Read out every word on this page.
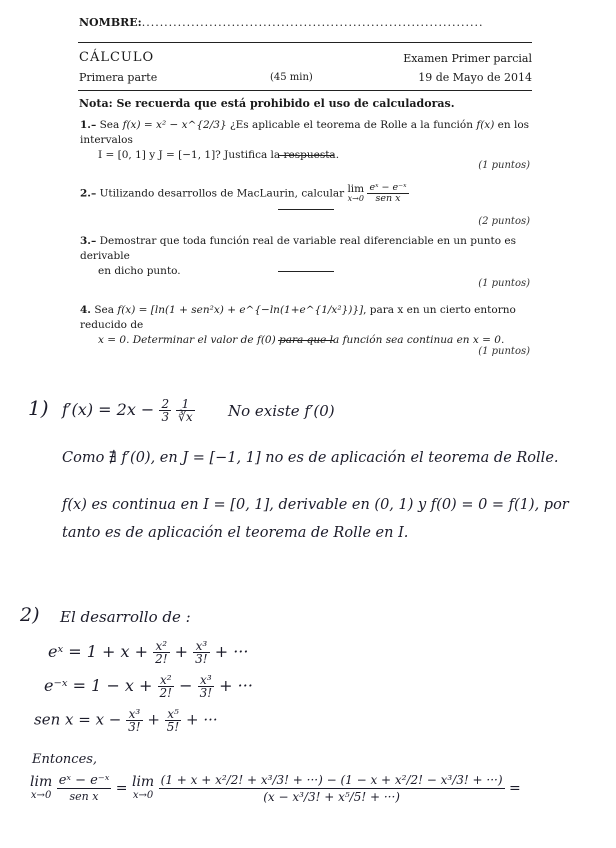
NOMBRE:............................................................................
CÁLCULO	Examen Primer parcial
Primera parte	(45 min)	19 de Mayo de 2014
Nota: Se recuerda que está prohibido el uso de calculadoras.
1.– Sea f(x) = x² − x^{2/3} ¿Es aplicable el teorema de Rolle a la función f(x) en los intervalos
I = [0, 1] y J = [−1, 1]? Justifica la respuesta.
(1 puntos)
2.– Utilizando desarrollos de MacLaurin, calcular lim
x→0
$\frac{\text{eˣ − e⁻ˣ}}{\text{sen x}}$
(2 puntos)
3.– Demostrar que toda función real de variable real diferenciable en un punto es derivable
en dicho punto.
(1 puntos)
4. Sea f(x) = [ln(1 + sen²x) + e^{−ln(1+e^{1/x²})}], para x en un cierto entorno reducido de
x = 0. Determinar el valor de f(0) para que la función sea continua en x = 0.
(1 puntos)
1) $f'(x) = 2x - \frac{2}{3}$
$\frac{1}{∛x}$ No existe f′(0)
Como ∄ f′(0), en J = [−1, 1] no es de aplicación el teorema de Rolle.
f(x) es continua en I = [0, 1], derivable en (0, 1) y f(0) = 0 = f(1), por
tanto es de aplicación el teorema de Rolle en I.
2) El desarrollo de :
eˣ = $1 + x + \frac{\text{x²}}{2!} + \frac{\text{x³}}{3!}$ + ···
e⁻ˣ = $1 - x + \frac{\text{x²}}{2!} - \frac{\text{x³}}{3!}$ + ···
sen $x = x - \frac{\text{x³}}{3!} + \frac{\text{x⁵}}{5!}$ + ···
Entonces,
lim
x→0

eˣ − e⁻ˣ
sen x	= lim
x→0

(1 + x + x²/2! + x³/3! + ···) − (1 − x + x²/2! − x³/3! + ···)
(x − x³/3! + x⁵/5! + ···)
=
